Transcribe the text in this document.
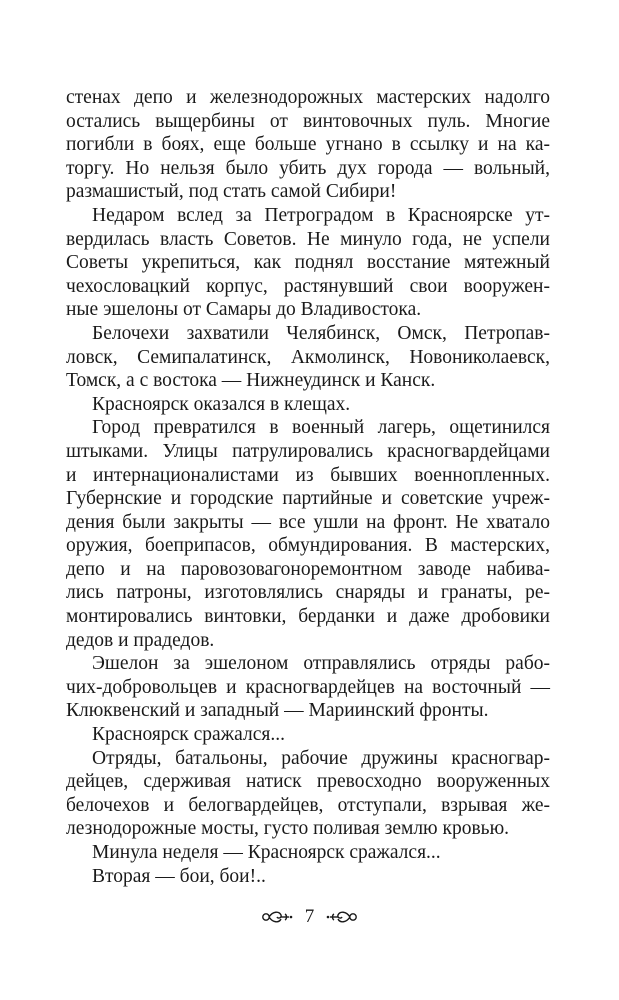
стенах депо и железнодорожных мастерских надолго
остались выщербины от винтовочных пуль. Многие
погибли в боях, еще больше угнано в ссылку и на ка-
торгу. Но нельзя было убить дух города — вольный,
размашистый, под стать самой Сибири!
Недаром вслед за Петроградом в Красноярске ут-
вердилась власть Советов. Не минуло года, не успели
Советы укрепиться, как поднял восстание мятежный
чехословацкий корпус, растянувший свои вооружен-
ные эшелоны от Самары до Владивостока.
Белочехи захватили Челябинск, Омск, Петропав-
ловск, Семипалатинск, Акмолинск, Новониколаевск,
Томск, а с востока — Нижнеудинск и Канск.
Красноярск оказался в клещах.
Город превратился в военный лагерь, ощетинился
штыками. Улицы патрулировались красногвардейцами
и интернационалистами из бывших военнопленных.
Губернские и городские партийные и советские учреж-
дения были закрыты — все ушли на фронт. Не хватало
оружия, боеприпасов, обмундирования. В мастерских,
депо и на паровозовагоноремонтном заводе набива-
лись патроны, изготовлялись снаряды и гранаты, ре-
монтировались винтовки, берданки и даже дробовики
дедов и прадедов.
Эшелон за эшелоном отправлялись отряды рабо-
чих-добровольцев и красногвардейцев на восточный —
Клюквенский и западный — Мариинский фронты.
Красноярск сражался...
Отряды, батальоны, рабочие дружины красногвар-
дейцев, сдерживая натиск превосходно вооруженных
белочехов и белогвардейцев, отступали, взрывая же-
лезнодорожные мосты, густо поливая землю кровью.
Минула неделя — Красноярск сражался...
Вторая — бои, бои!..
7
